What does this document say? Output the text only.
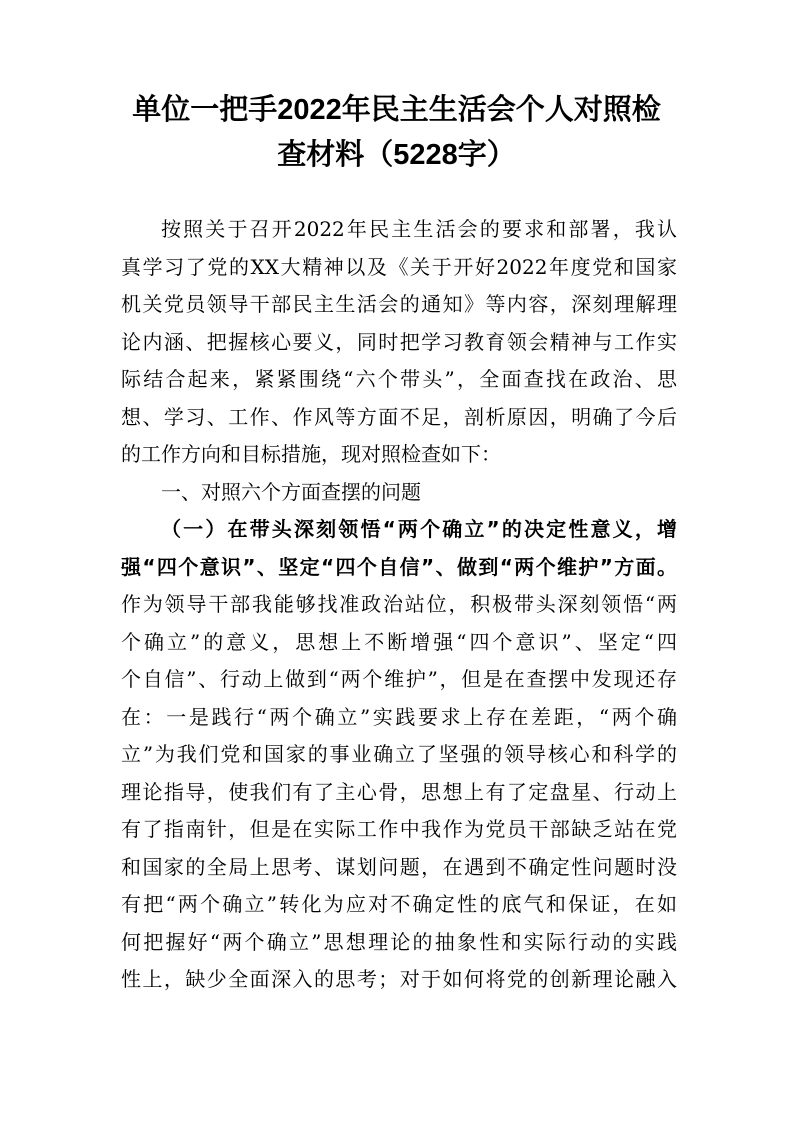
单位一把手2022年民主生活会个人对照检
查材料（5228字）
按照关于召开2022年民主生活会的要求和部署，我认
真学习了党的XX大精神以及《关于开好2022年度党和国家
机关党员领导干部民主生活会的通知》等内容，深刻理解理
论内涵、把握核心要义，同时把学习教育领会精神与工作实
际结合起来，紧紧围绕“六个带头”，全面查找在政治、思
想、学习、工作、作风等方面不足，剖析原因，明确了今后
的工作方向和目标措施，现对照检查如下：
一、对照六个方面查摆的问题
（一）在带头深刻领悟“两个确立”的决定性意义，增
强“四个意识”、坚定“四个自信”、做到“两个维护”方面。
作为领导干部我能够找准政治站位，积极带头深刻领悟“两
个确立”的意义，思想上不断增强“四个意识”、坚定“四
个自信”、行动上做到“两个维护”，但是在查摆中发现还存
在：一是践行“两个确立”实践要求上存在差距，“两个确
立”为我们党和国家的事业确立了坚强的领导核心和科学的
理论指导，使我们有了主心骨，思想上有了定盘星、行动上
有了指南针，但是在实际工作中我作为党员干部缺乏站在党
和国家的全局上思考、谋划问题，在遇到不确定性问题时没
有把“两个确立”转化为应对不确定性的底气和保证，在如
何把握好“两个确立”思想理论的抽象性和实际行动的实践
性上，缺少全面深入的思考；对于如何将党的创新理论融入
